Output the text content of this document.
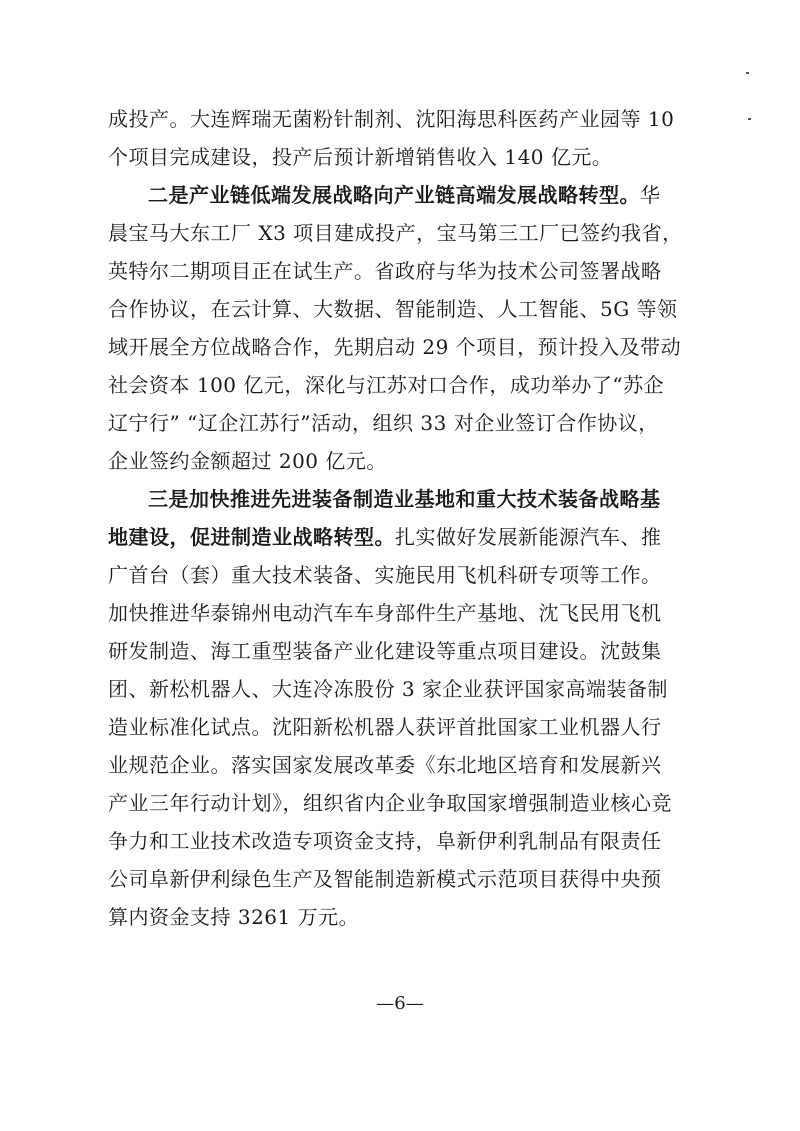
成投产。大连辉瑞无菌粉针制剂、沈阳海思科医药产业园等 10
个项目完成建设，投产后预计新增销售收入 140 亿元。
二是产业链低端发展战略向产业链高端发展战略转型。华
晨宝马大东工厂 X3 项目建成投产，宝马第三工厂已签约我省，
英特尔二期项目正在试生产。省政府与华为技术公司签署战略
合作协议，在云计算、大数据、智能制造、人工智能、5G 等领
域开展全方位战略合作，先期启动 29 个项目，预计投入及带动
社会资本 100 亿元，深化与江苏对口合作，成功举办了“苏企
辽宁行” “辽企江苏行”活动，组织 33 对企业签订合作协议，
企业签约金额超过 200 亿元。
三是加快推进先进装备制造业基地和重大技术装备战略基
地建设，促进制造业战略转型。扎实做好发展新能源汽车、推
广首台（套）重大技术装备、实施民用飞机科研专项等工作。
加快推进华泰锦州电动汽车车身部件生产基地、沈飞民用飞机
研发制造、海工重型装备产业化建设等重点项目建设。沈鼓集
团、新松机器人、大连冷冻股份 3 家企业获评国家高端装备制
造业标准化试点。沈阳新松机器人获评首批国家工业机器人行
业规范企业。落实国家发展改革委《东北地区培育和发展新兴
产业三年行动计划》，组织省内企业争取国家增强制造业核心竞
争力和工业技术改造专项资金支持，阜新伊利乳制品有限责任
公司阜新伊利绿色生产及智能制造新模式示范项目获得中央预
算内资金支持 3261 万元。
—6—
